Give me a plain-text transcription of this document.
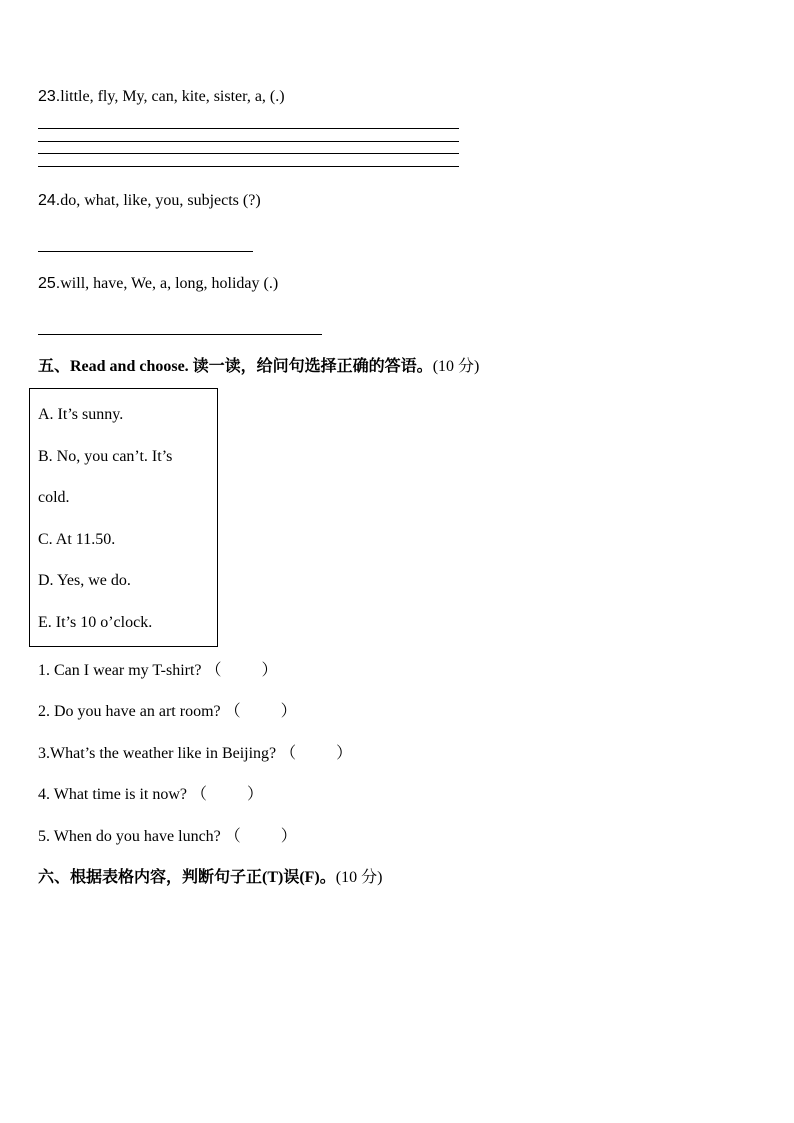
23.little, fly, My, can, kite, sister, a, (.)
24.do, what, like, you, subjects (?)
25.will, have, We, a, long, holiday (.)
五、Read and choose. 读一读，给问句选择正确的答语。(10 分)
A. It’s sunny.
B. No, you can’t. It’s
cold.
C. At 11.50.
D. Yes, we do.
E. It’s 10 o’clock.
1. Can I wear my T-shirt? （          ）
2. Do you have an art room? （          ）
3.What’s the weather like in Beijing? （          ）
4. What time is it now? （          ）
5. When do you have lunch? （          ）
六、根据表格内容，判断句子正(T)误(F)。(10 分)
